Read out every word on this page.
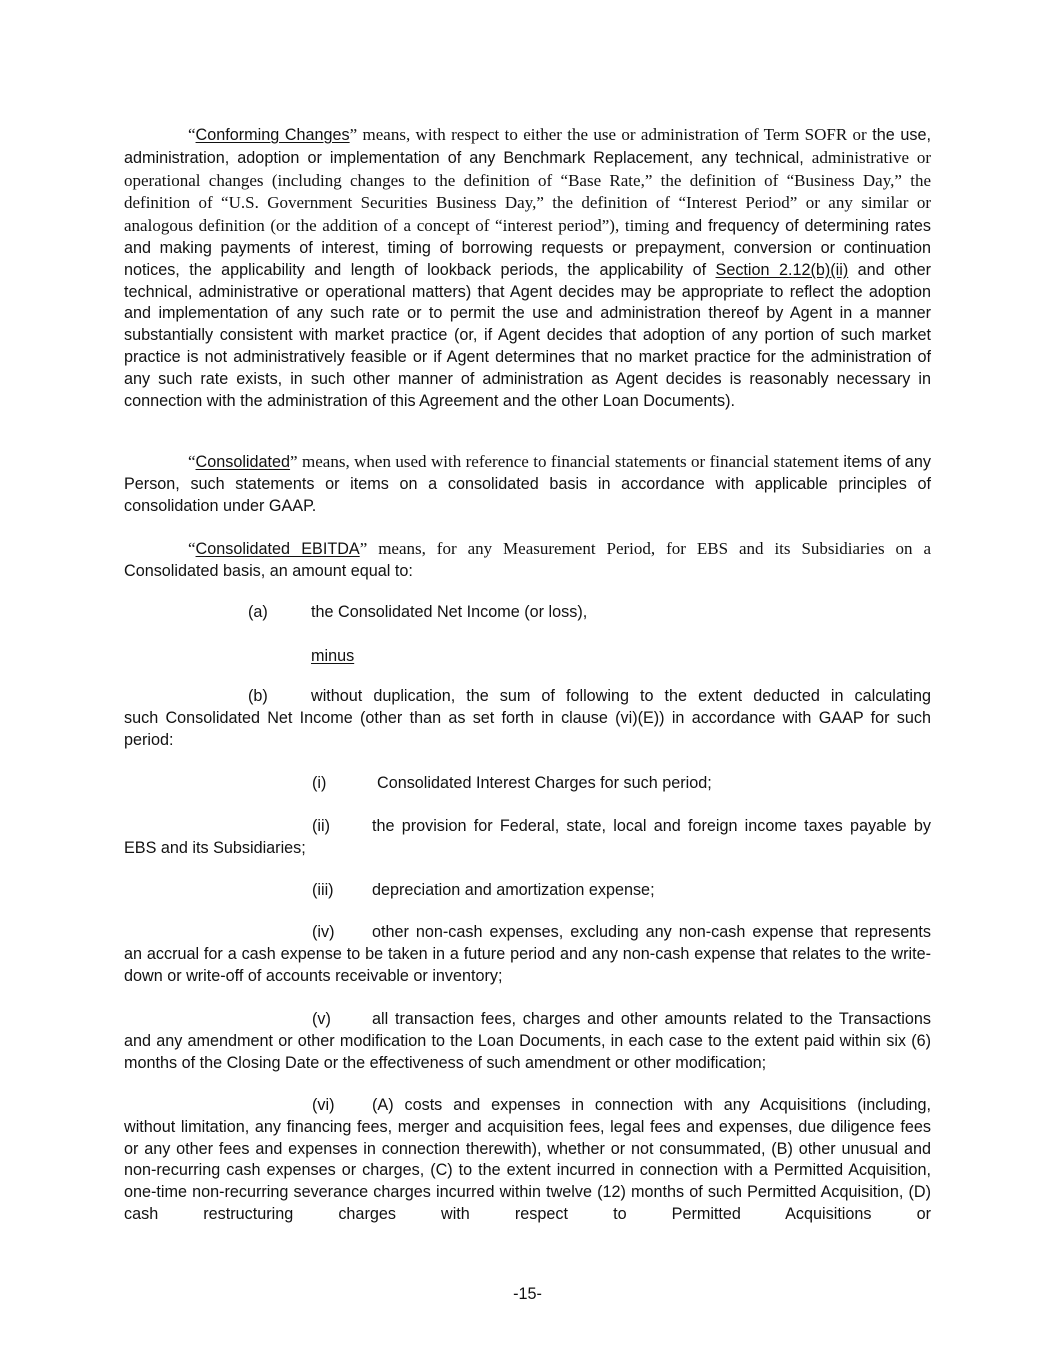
“Conforming Changes” means, with respect to either the use or administration of Term SOFR or the use, administration, adoption or implementation of any Benchmark Replacement, any technical, administrative or operational changes (including changes to the definition of “Base Rate,” the definition of “Business Day,” the definition of “U.S. Government Securities Business Day,” the definition of “Interest Period” or any similar or analogous definition (or the addition of a concept of “interest period”), timing and frequency of determining rates and making payments of interest, timing of borrowing requests or prepayment, conversion or continuation notices, the applicability and length of lookback periods, the applicability of Section 2.12(b)(ii) and other technical, administrative or operational matters) that Agent decides may be appropriate to reflect the adoption and implementation of any such rate or to permit the use and administration thereof by Agent in a manner substantially consistent with market practice (or, if Agent decides that adoption of any portion of such market practice is not administratively feasible or if Agent determines that no market practice for the administration of any such rate exists, in such other manner of administration as Agent decides is reasonably necessary in connection with the administration of this Agreement and the other Loan Documents).
“Consolidated” means, when used with reference to financial statements or financial statement items of any Person, such statements or items on a consolidated basis in accordance with applicable principles of consolidation under GAAP.
“Consolidated EBITDA” means, for any Measurement Period, for EBS and its Subsidiaries on a Consolidated basis, an amount equal to:
(a)	the Consolidated Net Income (or loss),
minus
(b)	without duplication, the sum of following to the extent deducted in calculating
such Consolidated Net Income (other than as set forth in clause (vi)(E)) in accordance with GAAP for such period:
(i)	Consolidated Interest Charges for such period;
(ii)	the provision for Federal, state, local and foreign income taxes payable by
EBS and its Subsidiaries;
(iii) depreciation and amortization expense;
(iv) other non-cash expenses, excluding any non-cash expense that represents
an accrual for a cash expense to be taken in a future period and any non-cash expense that relates to the write-down or write-off of accounts receivable or inventory;
(v)	all transaction fees, charges and other amounts related to the Transactions
and any amendment or other modification to the Loan Documents, in each case to the extent paid within six (6) months of the Closing Date or the effectiveness of such amendment or other modification;
(vi) (A) costs and expenses in connection with any Acquisitions (including,
without limitation, any financing fees, merger and acquisition fees, legal fees and expenses, due diligence fees or any other fees and expenses in connection therewith), whether or not consummated, (B) other unusual and non-recurring cash expenses or charges, (C) to the extent incurred in connection with a Permitted Acquisition, one-time non-recurring severance charges incurred within twelve (12) months of such Permitted Acquisition, (D) cash restructuring charges with respect to Permitted Acquisitions or
-15-
